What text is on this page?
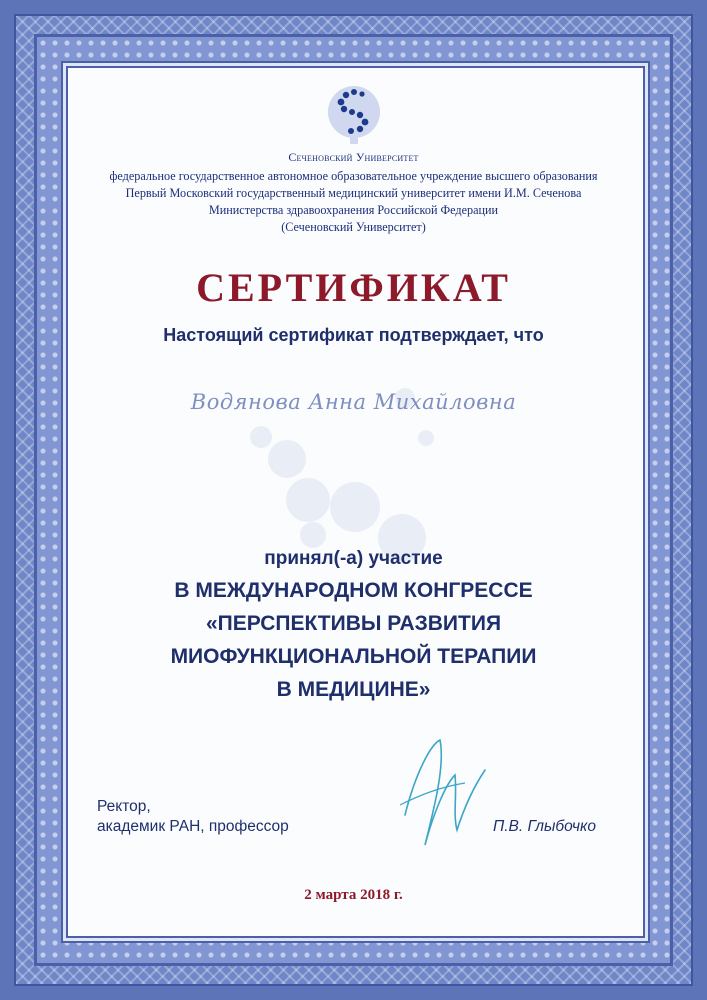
Сеченовский Университет
федеральное государственное автономное образовательное учреждение высшего образования
Первый Московский государственный медицинский университет имени И.М. Сеченова
Министерства здравоохранения Российской Федерации
(Сеченовский Университет)
СЕРТИФИКАТ
Настоящий сертификат подтверждает, что
Водянова Анна Михайловна
принял(-а) участие
В МЕЖДУНАРОДНОМ КОНГРЕССЕ
«ПЕРСПЕКТИВЫ РАЗВИТИЯ
МИОФУНКЦИОНАЛЬНОЙ ТЕРАПИИ
В МЕДИЦИНЕ»
Ректор,
академик РАН, профессор	П.В. Глыбочко
2 марта 2018 г.
